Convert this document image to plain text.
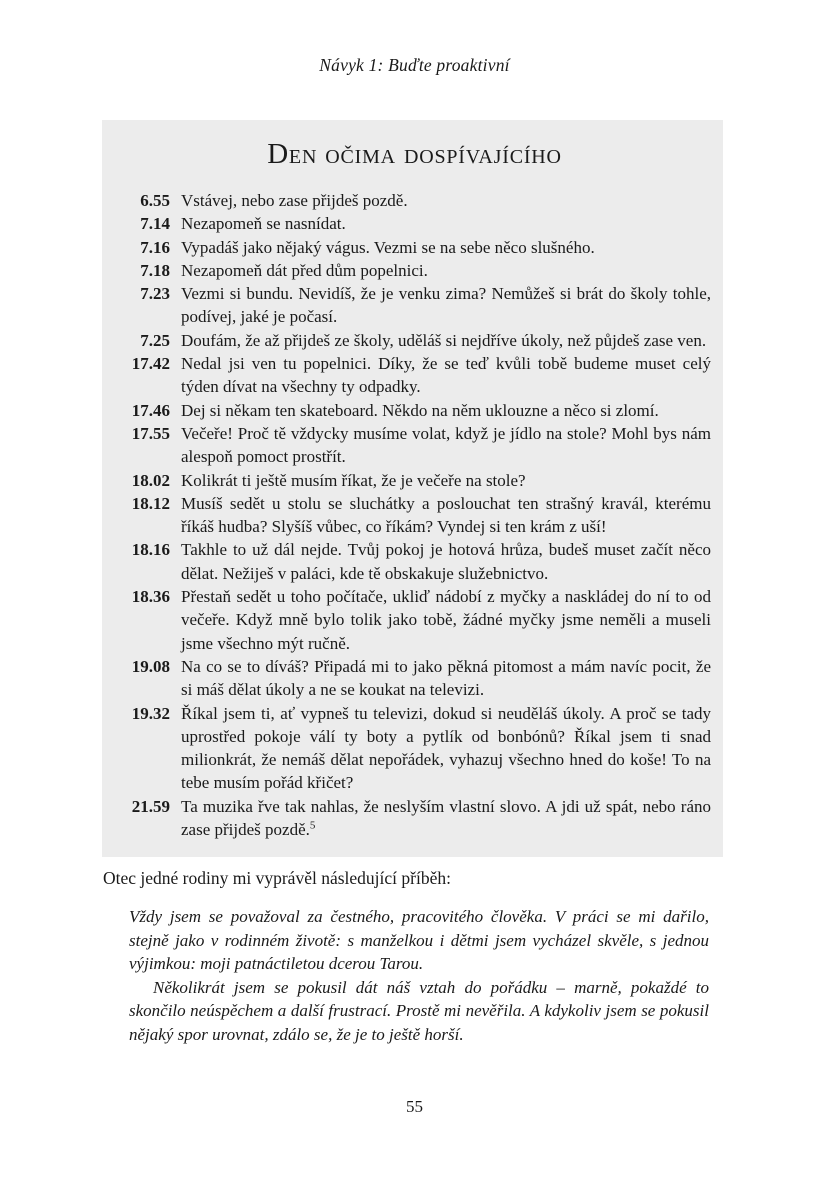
Návyk 1: Buďte proaktivní
Den očima dospívajícího
6.55 Vstávej, nebo zase přijdeš pozdě.
7.14 Nezapomeň se nasnídat.
7.16 Vypadáš jako nějaký vágus. Vezmi se na sebe něco slušného.
7.18 Nezapomeň dát před dům popelnici.
7.23 Vezmi si bundu. Nevidíš, že je venku zima? Nemůžeš si brát do školy tohle, podívej, jaké je počasí.
7.25 Doufám, že až přijdeš ze školy, uděláš si nejdříve úkoly, než půjdeš zase ven.
17.42 Nedal jsi ven tu popelnici. Díky, že se teď kvůli tobě budeme muset celý týden dívat na všechny ty odpadky.
17.46 Dej si někam ten skateboard. Někdo na něm uklouzne a něco si zlomí.
17.55 Večeře! Proč tě vždycky musíme volat, když je jídlo na stole? Mohl bys nám alespoň pomoct prostřít.
18.02 Kolikrát ti ještě musím říkat, že je večeře na stole?
18.12 Musíš sedět u stolu se sluchátky a poslouchat ten strašný kravál, kterému říkáš hudba? Slyšíš vůbec, co říkám? Vyndej si ten krám z uší!
18.16 Takhle to už dál nejde. Tvůj pokoj je hotová hrůza, budeš muset začít něco dělat. Nežiješ v paláci, kde tě obskakuje služebnictvo.
18.36 Přestaň sedět u toho počítače, ukliď nádobí z myčky a naskládej do ní to od večeře. Když mně bylo tolik jako tobě, žádné myčky jsme neměli a museli jsme všechno mýt ručně.
19.08 Na co se to díváš? Připadá mi to jako pěkná pitomost a mám navíc pocit, že si máš dělat úkoly a ne se koukat na televizi.
19.32 Říkal jsem ti, ať vypneš tu televizi, dokud si neuděláš úkoly. A proč se tady uprostřed pokoje válí ty boty a pytlík od bonbónů? Říkal jsem ti snad milionkrát, že nemáš dělat nepořádek, vyhazuj všechno hned do koše! To na tebe musím pořád křičet?
21.59 Ta muzika řve tak nahlas, že neslyším vlastní slovo. A jdi už spát, nebo ráno zase přijdeš pozdě.$^5$
Otec jedné rodiny mi vyprávěl následující příběh:

Vždy jsem se považoval za čestného, pracovitého člověka. V práci se mi dařilo, stejně jako v rodinném životě: s manželkou i dětmi jsem vycházel skvěle, s jednou výjimkou: moji patnáctiletou dcerou Tarou.

Několikrát jsem se pokusil dát náš vztah do pořádku – marně, pokaždé to skončilo neúspěchem a další frustrací. Prostě mi nevěřila. A kdykoliv jsem se pokusil nějaký spor urovnat, zdálo se, že je to ještě horší.

55
